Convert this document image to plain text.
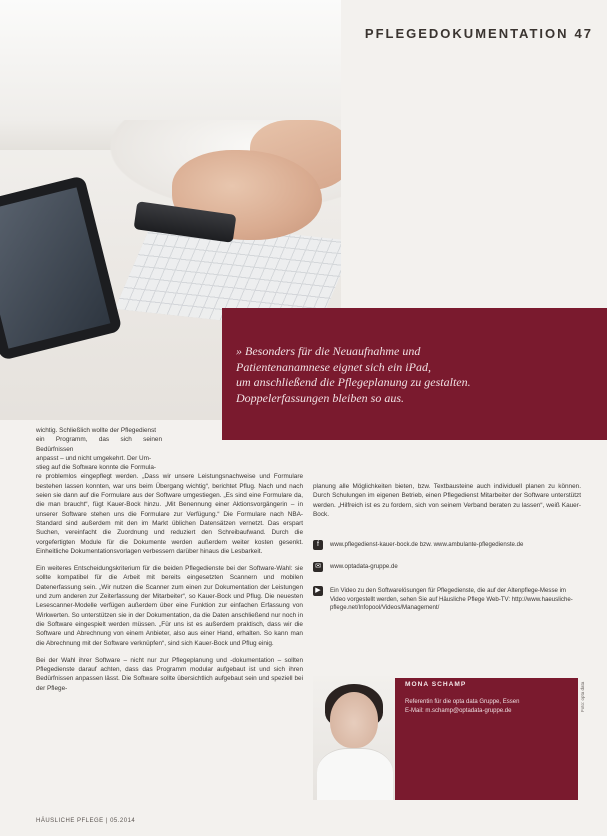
PFLEGEDOKUMENTATION 47

» Besonders für die Neuaufnahme und
Patientenanamnese eignet sich ein iPad,
um anschließend die Pflegeplanung zu gestalten.
Doppelerfassungen bleiben so aus.

wichtig. Schließlich wollte der Pflegedienst
ein Programm, das sich seinen Bedürfnissen
anpasst – und nicht umgekehrt. Der Um-
stieg auf die Software konnte die Formula-
re problemlos eingepflegt werden. „Dass wir unsere Leistungsnachweise und Formulare bestehen lassen konnten, war uns beim Übergang wichtig“, berichtet Pflug. Nach und nach seien sie dann auf die Formulare aus der Software umgestiegen. „Es sind eine Formulare da, die man braucht“, fügt Kauer-Bock hinzu. „Mit Benennung einer Aktionsvorgängerin – in unserer Software stehen uns die Formulare zur Verfügung.“ Die Formulare nach NBA-Standard sind außerdem mit den im Markt üblichen Datensätzen vernetzt. Das erspart Suchen, vereinfacht die Zuordnung und reduziert den Schreibaufwand. Durch die vorgefertigten Module für die Dokumente werden außerdem weiter kosten gesenkt. Einheitliche Dokumentationsvorlagen verbessern darüber hinaus die Lesbarkeit.

Ein weiteres Entscheidungskriterium für die beiden Pflegedienste bei der Software-Wahl: sie sollte kompatibel für die Arbeit mit bereits eingesetzten Scannern und mobilen Datenerfassung sein. „Wir nutzen die Scanner zum einen zur Dokumentation der Leistungen und zum anderen zur Zeiterfassung der Mitarbeiter“, so Kauer-Bock und Pflug. Die neuesten Lesescanner-Modelle verfügen außerdem über eine Funktion zur einfachen Erfassung von Wirkwerten. So unterstützen sie in der Dokumentation, da die Daten anschließend nur noch in die Software eingespielt werden müssen. „Für uns ist es außerdem praktisch, dass wir die Software und Abrechnung von einem Anbieter, also aus einer Hand, erhalten. So kann man die Abrechnung mit der Software verknüpfen“, sind sich Kauer-Bock und Pflug einig.

Bei der Wahl ihrer Software – nicht nur zur Pflegeplanung und -dokumentation – sollten Pflegedienste darauf achten, dass das Programm modular aufgebaut ist und sich ihren Bedürfnissen anpassen lässt. Die Software sollte übersichtlich aufgebaut sein und speziell bei der Pflege-

planung alle Möglichkeiten bieten, bzw. Textbausteine auch individuell planen zu können. Durch Schulungen im eigenen Betrieb, einen Pflegedienst Mitarbeiter der Software unterstützt werden. „Hilfreich ist es zu fordern, sich von seinem Verband beraten zu lassen“, weiß Kauer-Bock.

f	www.pflegedienst-kauer-bock.de bzw. www.ambulante-pflegedienste.de
✉	www.optadata-gruppe.de
▶	Ein Video zu den Softwarelösungen für Pflegedienste, die auf der Altenpflege-Messe im Video vorgestellt werden, sehen Sie auf Häusliche Pflege Web-TV: http://www.haeusliche-pflege.net/Infopool/Videos/Management/
MONA SCHAMP
Referentin für die opta data Gruppe, Essen
E-Mail: m.schamp@optadata-gruppe.de	Foto: opta data
HÄUSLICHE PFLEGE | 05.2014
